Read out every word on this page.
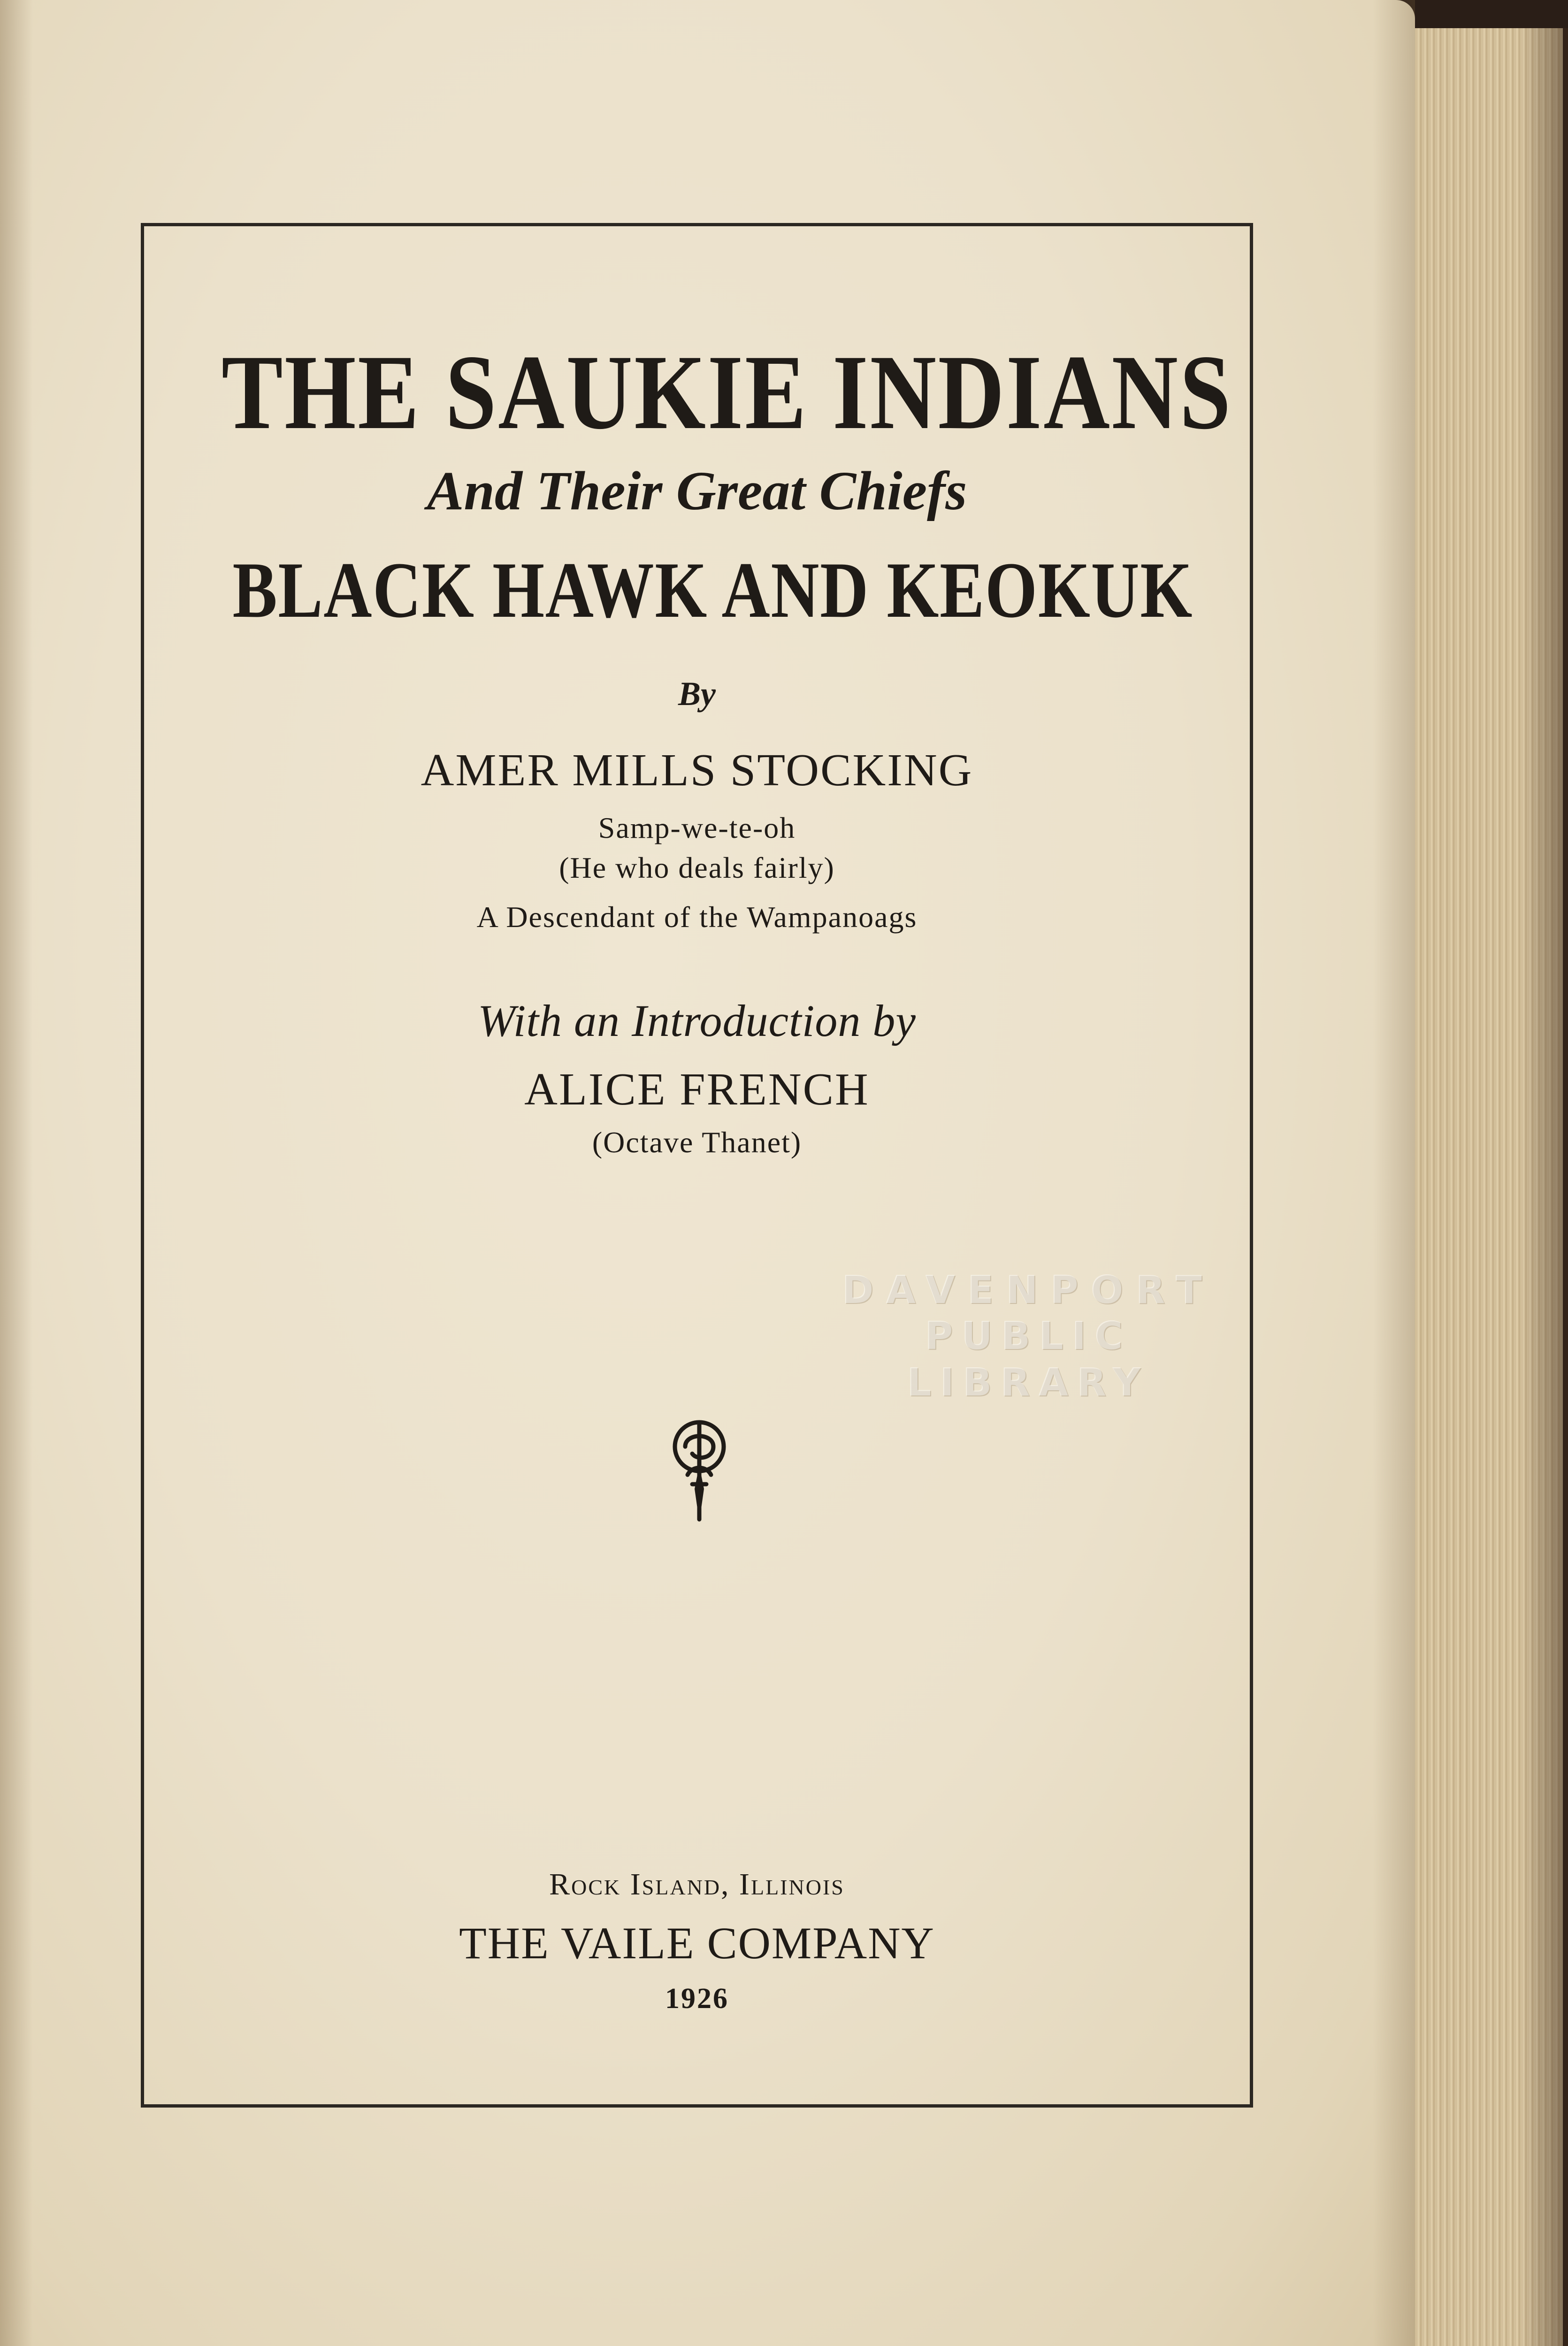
THE SAUKIE INDIANS
And Their Great Chiefs
BLACK HAWK AND KEOKUK
By
AMER MILLS STOCKING
Samp-we-te-oh
(He who deals fairly)
A Descendant of the Wampanoags
With an Introduction by
ALICE FRENCH
(Octave Thanet)
Rock Island, Illinois
THE VAILE COMPANY
1926
DAVENPORT
PUBLIC LIBRARY
